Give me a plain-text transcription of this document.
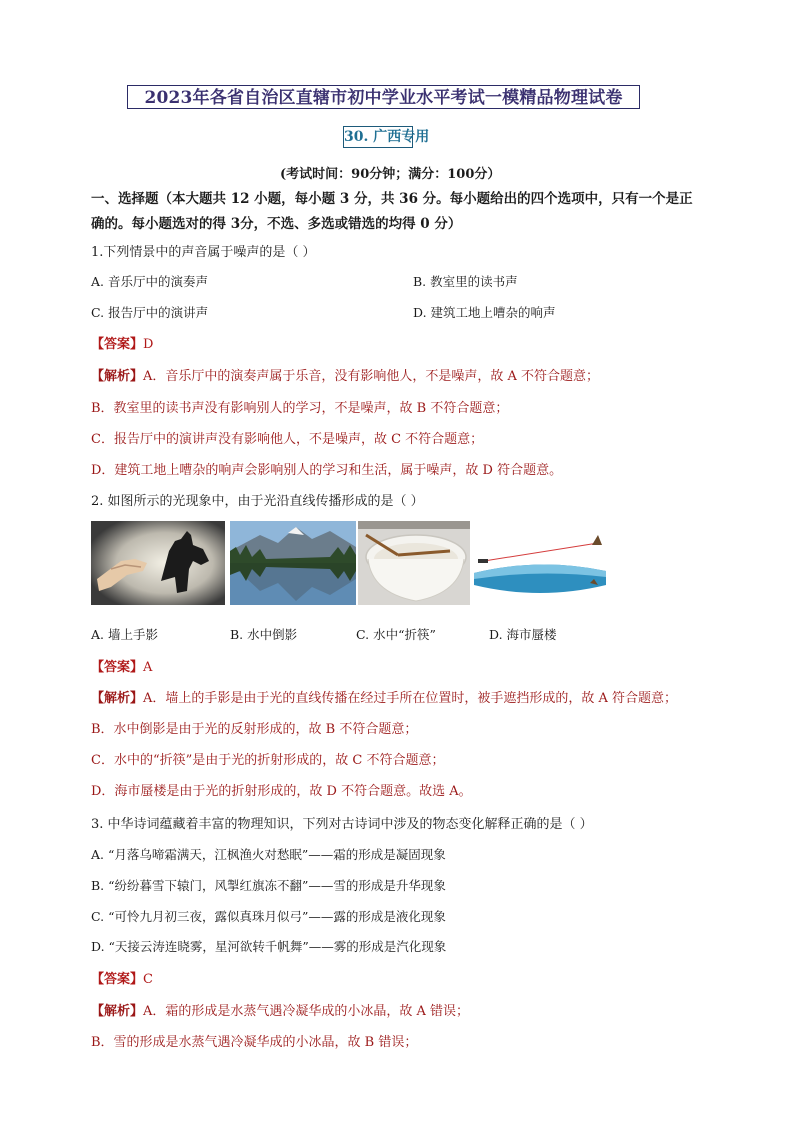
2023年各省自治区直辖市初中学业水平考试一模精品物理试卷
30. 广西专用
(考试时间：90分钟；满分：100分）
一、选择题（本大题共 12 小题，每小题 3 分，共 36 分。每小题给出的四个选项中，只有一个是正
确的。每小题选对的得 3分，不选、多选或错选的均得 0 分）
1.下列情景中的声音属于噪声的是（ ）
A. 音乐厅中的演奏声	B. 教室里的读书声
C. 报告厅中的演讲声	D. 建筑工地上嘈杂的响声
【答案】D
【解析】A．音乐厅中的演奏声属于乐音，没有影响他人，不是噪声，故 A 不符合题意；
B．教室里的读书声没有影响别人的学习，不是噪声，故 B 不符合题意；
C．报告厅中的演讲声没有影响他人，不是噪声，故 C 不符合题意；
D．建筑工地上嘈杂的响声会影响别人的学习和生活，属于噪声，故 D 符合题意。
2. 如图所示的光现象中，由于光沿直线传播形成的是（ ）
A. 墙上手影	B. 水中倒影	C. 水中“折筷”	D. 海市蜃楼
【答案】A
【解析】A．墙上的手影是由于光的直线传播在经过手所在位置时，被手遮挡形成的，故 A 符合题意；
B．水中倒影是由于光的反射形成的，故 B 不符合题意；
C．水中的“折筷”是由于光的折射形成的，故 C 不符合题意；
D．海市蜃楼是由于光的折射形成的，故 D 不符合题意。故选 A。
3. 中华诗词蕴藏着丰富的物理知识，下列对古诗词中涉及的物态变化解释正确的是（ ）
A. “月落乌啼霜满天，江枫渔火对愁眠”——霜的形成是凝固现象
B. “纷纷暮雪下辕门，风掣红旗冻不翻”——雪的形成是升华现象
C. “可怜九月初三夜，露似真珠月似弓”——露的形成是液化现象
D. “天接云涛连晓雾，星河欲转千帆舞”——雾的形成是汽化现象
【答案】C
【解析】A．霜的形成是水蒸气遇冷凝华成的小冰晶，故 A 错误；
B．雪的形成是水蒸气遇冷凝华成的小冰晶，故 B 错误；
